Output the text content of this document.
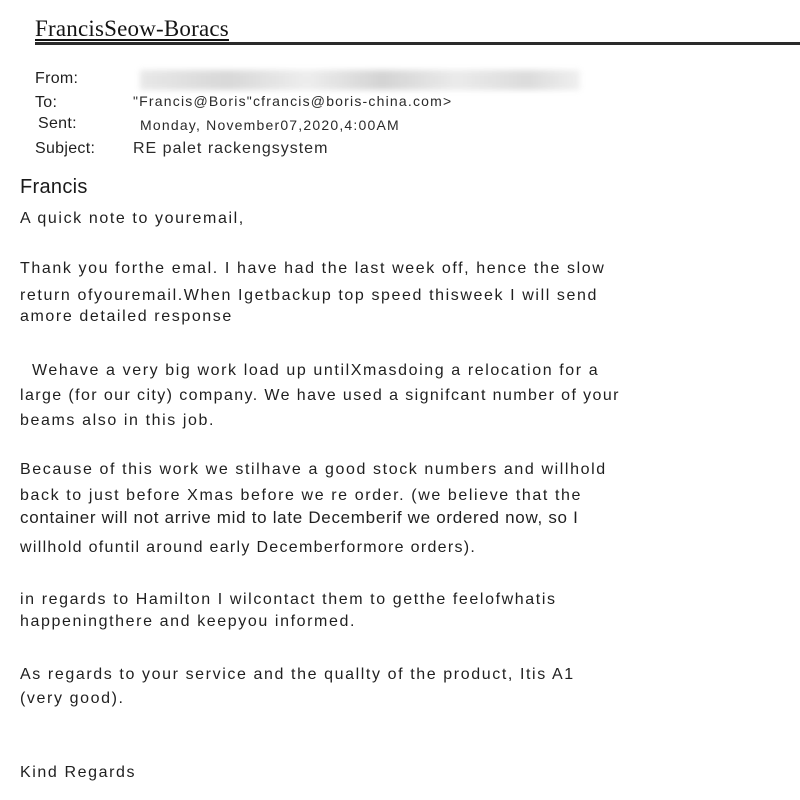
FrancisSeow-Boracs
From:
To:	"Francis@Boris"cfrancis@boris-china.com>
Sent:	Monday, November07,2020,4:00AM
Subject: RE palet rackengsystem
Francis
A quick note to youremail,
Thank you forthe emal. I have had the last week off, hence the slow
return ofyouremail.When Igetbackup top speed thisweek I will send
amore detailed response
Wehave a very big work load up untilXmasdoing a relocation for a
large (for our city) company. We have used a signifcant number of your
beams also in this job.
Because of this work we stilhave a good stock numbers and willhold
back to just before Xmas before we re order. (we believe that the
container will not arrive mid to late Decemberif we ordered now, so I
willhold ofuntil around early Decemberformore orders).
in regards to Hamilton I wilcontact them to getthe feelofwhatis
happeningthere and keepyou informed.
As regards to your service and the quallty of the product, Itis A1
(very good).
Kind Regards
